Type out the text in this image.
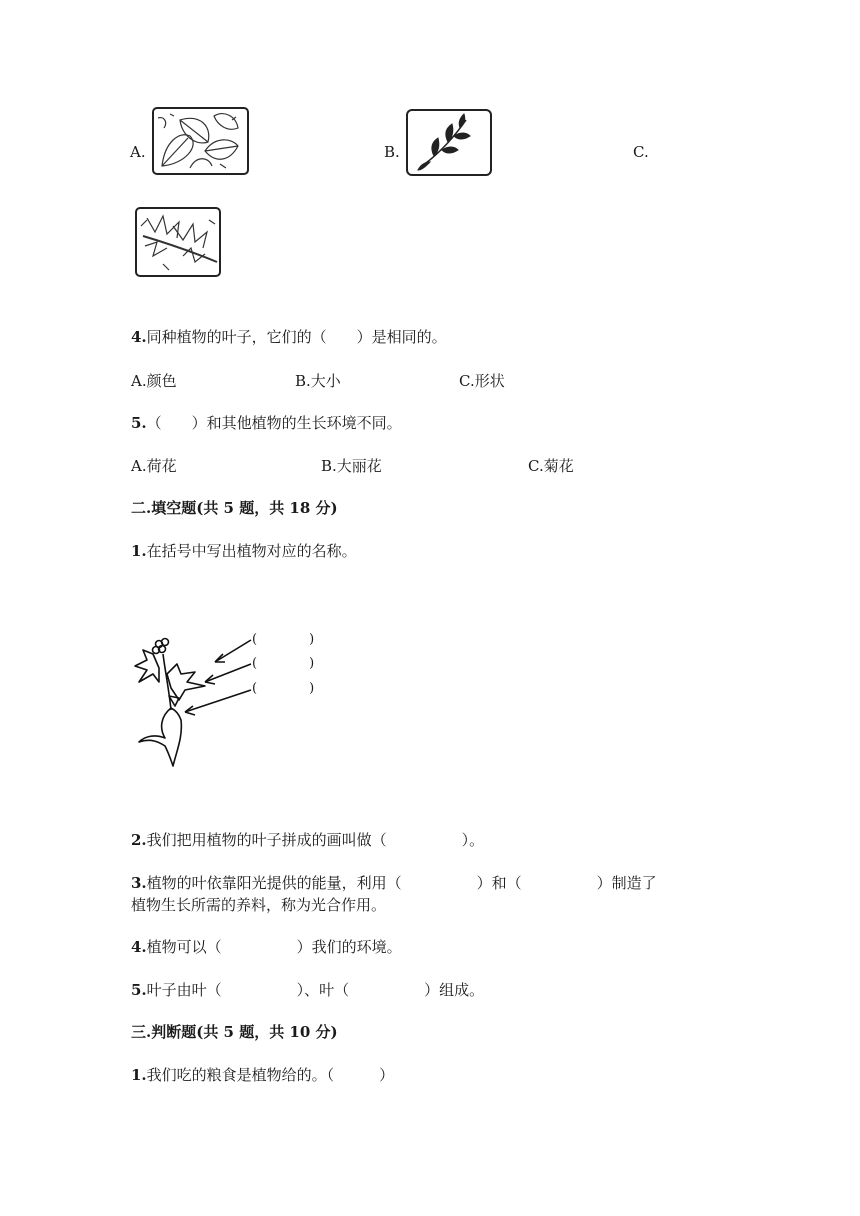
A.	B.	C.
4.同种植物的叶子，它们的（　　）是相同的。
A.颜色	B.大小	C.形状
5.（　　）和其他植物的生长环境不同。
A.荷花	B.大丽花	C.菊花
二.填空题(共 5 题，共 18 分)
1.在括号中写出植物对应的名称。
(　　　　)
(　　　　)
(　　　　)
2.我们把用植物的叶子拼成的画叫做（　　　　　）。
3.植物的叶依靠阳光提供的能量，利用（　　　　　）和（　　　　　）制造了
植物生长所需的养料，称为光合作用。
4.植物可以（　　　　　）我们的环境。
5.叶子由叶（　　　　　）、叶（　　　　　）组成。
三.判断题(共 5 题，共 10 分)
1.我们吃的粮食是植物给的。（　　　）
